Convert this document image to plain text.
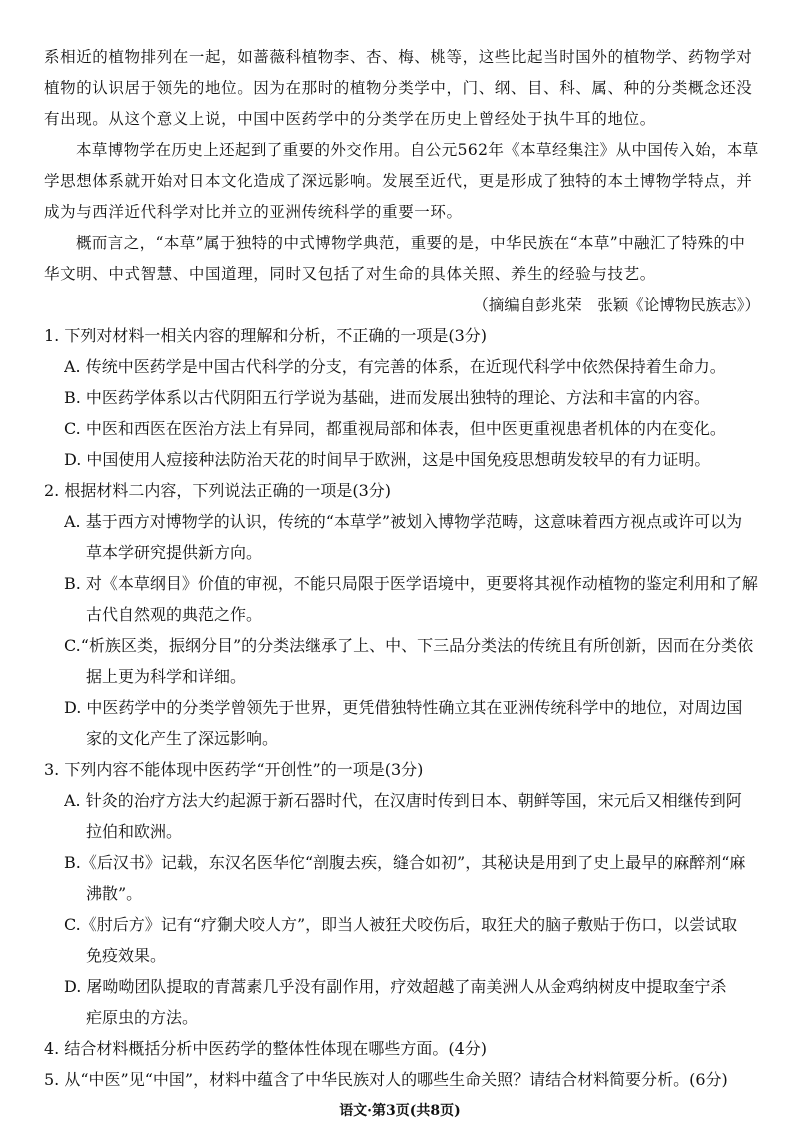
系相近的植物排列在一起，如蔷薇科植物李、杏、梅、桃等，这些比起当时国外的植物学、药物学对
植物的认识居于领先的地位。因为在那时的植物分类学中，门、纲、目、科、属、种的分类概念还没
有出现。从这个意义上说，中国中医药学中的分类学在历史上曾经处于执牛耳的地位。
本草博物学在历史上还起到了重要的外交作用。自公元562年《本草经集注》从中国传入始，本草
学思想体系就开始对日本文化造成了深远影响。发展至近代，更是形成了独特的本土博物学特点，并
成为与西洋近代科学对比并立的亚洲传统科学的重要一环。
概而言之，“本草”属于独特的中式博物学典范，重要的是，中华民族在“本草”中融汇了特殊的中
华文明、中式智慧、中国道理，同时又包括了对生命的具体关照、养生的经验与技艺。
（摘编自彭兆荣　张颖《论博物民族志》）
1. 下列对材料一相关内容的理解和分析，不正确的一项是(3分)
A. 传统中医药学是中国古代科学的分支，有完善的体系，在近现代科学中依然保持着生命力。
B. 中医药学体系以古代阴阳五行学说为基础，进而发展出独特的理论、方法和丰富的内容。
C. 中医和西医在医治方法上有异同，都重视局部和体表，但中医更重视患者机体的内在变化。
D. 中国使用人痘接种法防治天花的时间早于欧洲，这是中国免疫思想萌发较早的有力证明。
2. 根据材料二内容，下列说法正确的一项是(3分)
A. 基于西方对博物学的认识，传统的“本草学”被划入博物学范畴，这意味着西方视点或许可以为
草本学研究提供新方向。
B. 对《本草纲目》价值的审视，不能只局限于医学语境中，更要将其视作动植物的鉴定利用和了解
古代自然观的典范之作。
C.“析族区类，振纲分目”的分类法继承了上、中、下三品分类法的传统且有所创新，因而在分类依
据上更为科学和详细。
D. 中医药学中的分类学曾领先于世界，更凭借独特性确立其在亚洲传统科学中的地位，对周边国
家的文化产生了深远影响。
3. 下列内容不能体现中医药学“开创性”的一项是(3分)
A. 针灸的治疗方法大约起源于新石器时代，在汉唐时传到日本、朝鲜等国，宋元后又相继传到阿
拉伯和欧洲。
B.《后汉书》记载，东汉名医华佗“剖腹去疾，缝合如初”，其秘诀是用到了史上最早的麻醉剂“麻
沸散”。
C.《肘后方》记有“疗猘犬咬人方”，即当人被狂犬咬伤后，取狂犬的脑子敷贴于伤口，以尝试取
免疫效果。
D. 屠呦呦团队提取的青蒿素几乎没有副作用，疗效超越了南美洲人从金鸡纳树皮中提取奎宁杀
疟原虫的方法。
4. 结合材料概括分析中医药学的整体性体现在哪些方面。(4分)
5. 从“中医”见“中国”，材料中蕴含了中华民族对人的哪些生命关照？请结合材料简要分析。(6分)
语文·第3页(共8页)
